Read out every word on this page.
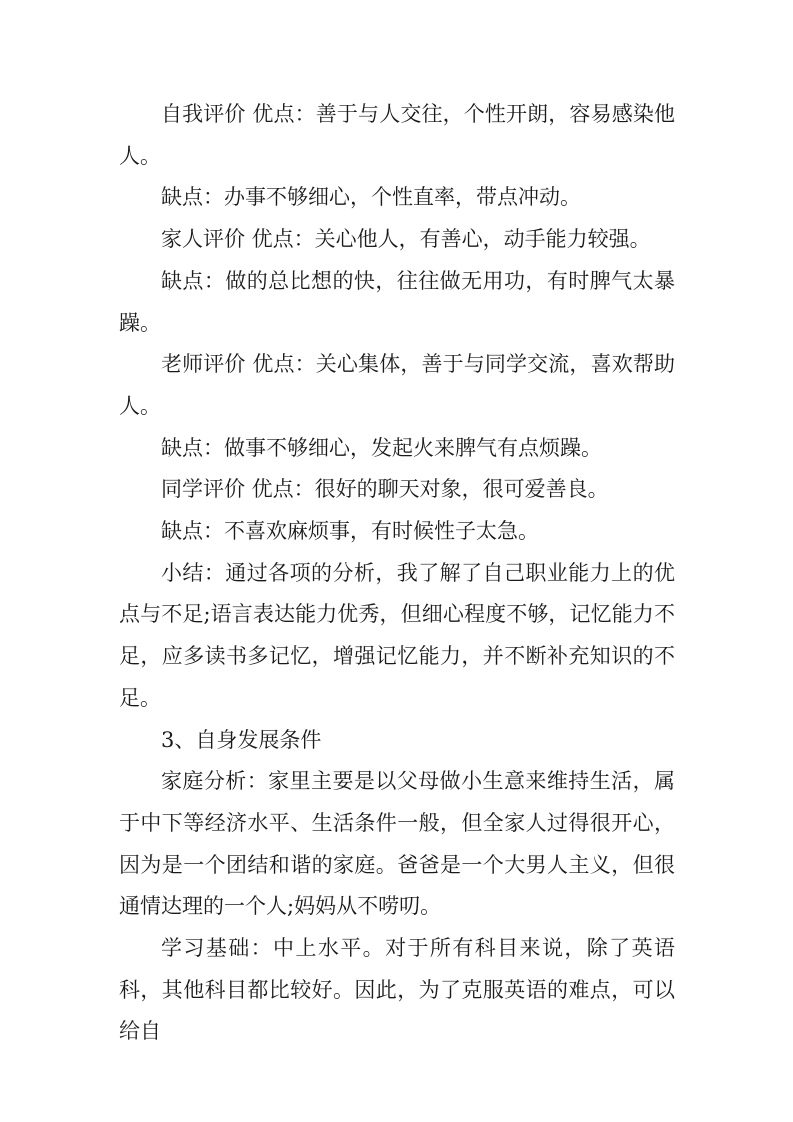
自我评价 优点：善于与人交往，个性开朗，容易感染他人。

缺点：办事不够细心，个性直率，带点冲动。

家人评价 优点：关心他人，有善心，动手能力较强。

缺点：做的总比想的快，往往做无用功，有时脾气太暴躁。

老师评价 优点：关心集体，善于与同学交流，喜欢帮助人。

缺点：做事不够细心，发起火来脾气有点烦躁。

同学评价 优点：很好的聊天对象，很可爱善良。

缺点：不喜欢麻烦事，有时候性子太急。

小结：通过各项的分析，我了解了自己职业能力上的优点与不足;语言表达能力优秀，但细心程度不够，记忆能力不足，应多读书多记忆，增强记忆能力，并不断补充知识的不足。

3、自身发展条件

家庭分析：家里主要是以父母做小生意来维持生活，属于中下等经济水平、生活条件一般，但全家人过得很开心，因为是一个团结和谐的家庭。爸爸是一个大男人主义，但很通情达理的一个人;妈妈从不唠叨。

学习基础：中上水平。对于所有科目来说，除了英语科，其他科目都比较好。因此，为了克服英语的难点，可以给自
